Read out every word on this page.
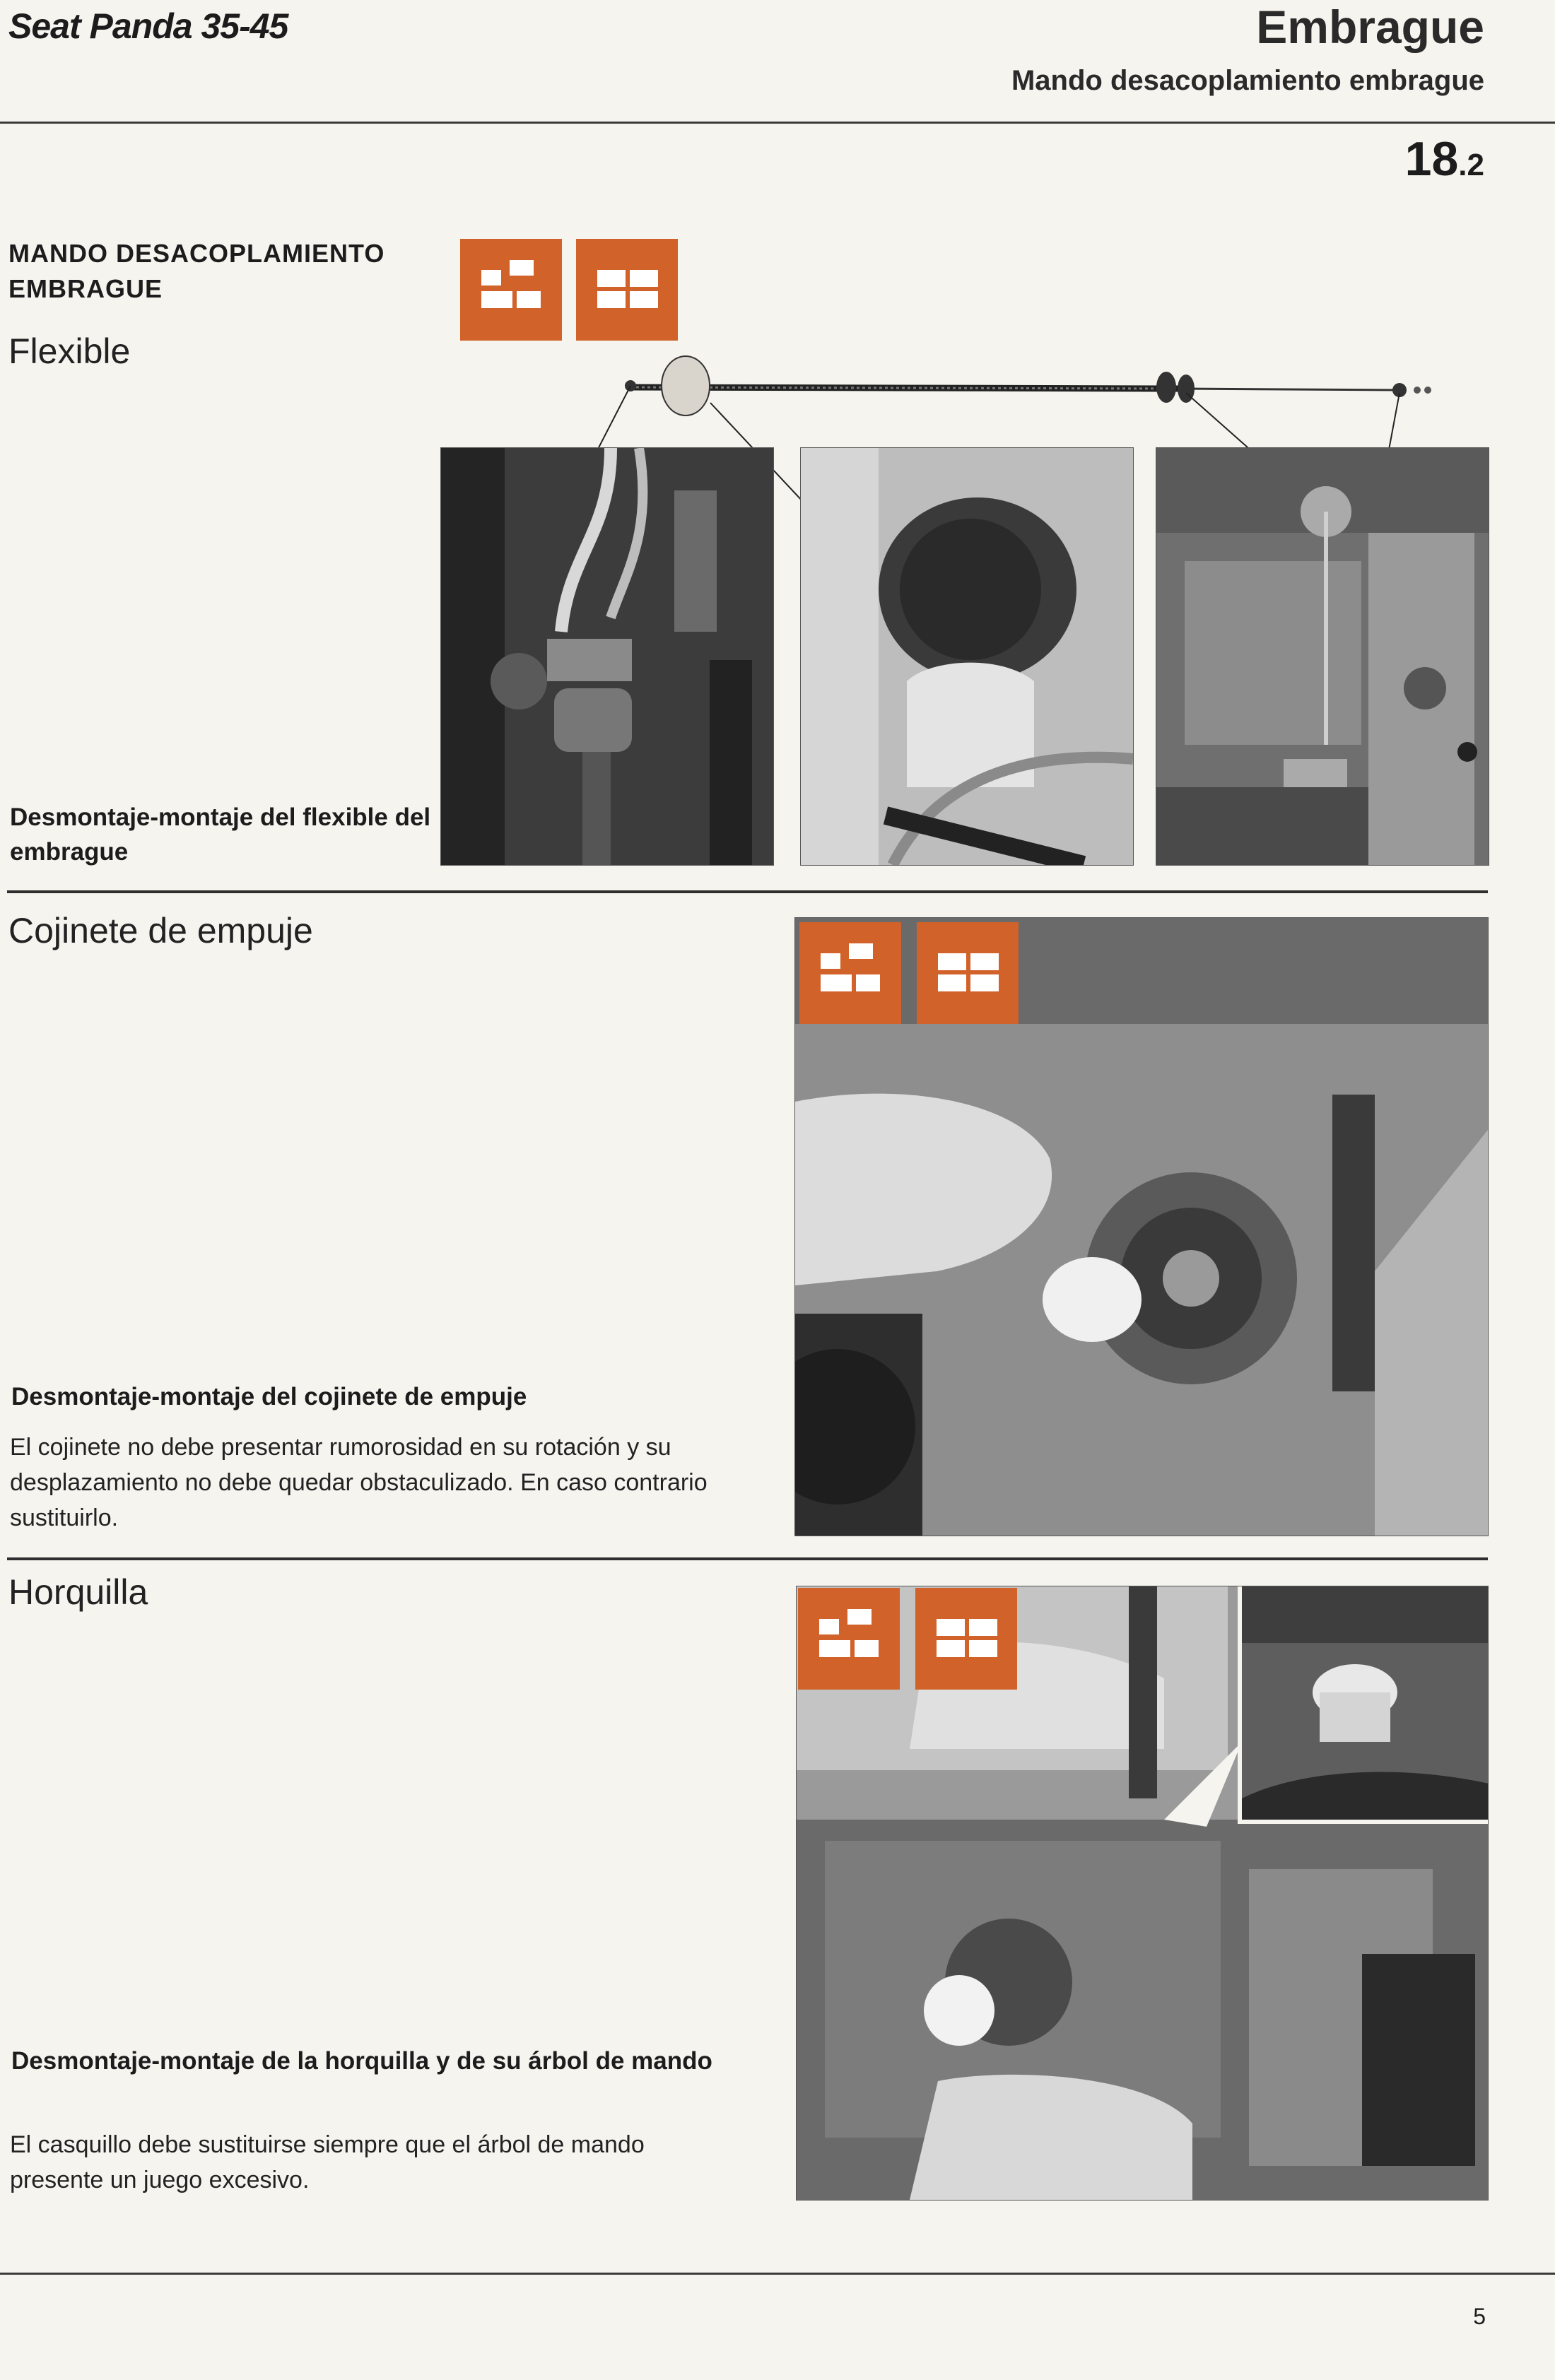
Seat Panda 35-45	Embrague
Mando desacoplamiento embrague
18.2
MANDO DESACOPLAMIENTO EMBRAGUE
Flexible
Desmontaje-montaje del flexible del embrague
Cojinete de empuje
Desmontaje-montaje del cojinete de empuje
El cojinete no debe presentar rumorosidad en su rotación y su desplazamiento no debe quedar obstaculizado. En caso contrario sustituirlo.
Horquilla
Desmontaje-montaje de la horquilla y de su árbol de mando
El casquillo debe sustituirse siempre que el árbol de mando presente un juego excesivo.
5
